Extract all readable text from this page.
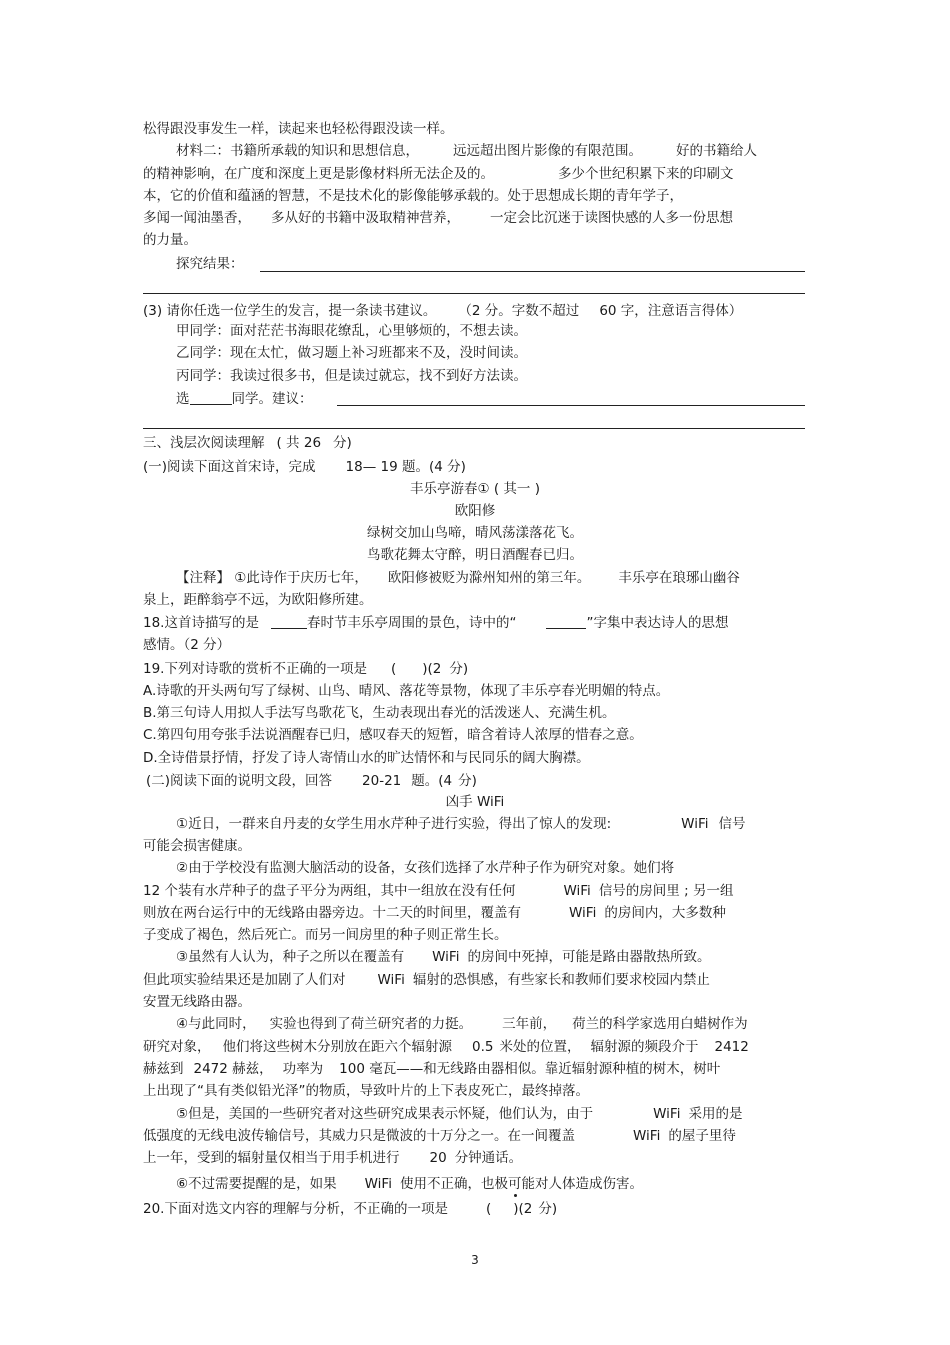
松得跟没事发生一样，读起来也轻松得跟没读一样。
材料二：书籍所承载的知识和思想信息，	远远超出图片影像的有限范围。	好的书籍给人
的精神影响，在广度和深度上更是影像材料所无法企及的。	多少个世纪积累下来的印刷文
本，它的价值和蕴涵的智慧，不是技术化的影像能够承载的。处于思想成长期的青年学子，
多闻一闻油墨香， 多从好的书籍中汲取精神营养， 一定会比沉迷于读图快感的人多一份思想
的力量。
探究结果：
(3) 请你任选一位学生的发言，提一条读书建议。 （2 分。字数不超过 60 字，注意语言得体）
甲同学：面对茫茫书海眼花缭乱，心里够烦的，不想去读。
乙同学：现在太忙，做习题上补习班都来不及，没时间读。
丙同学：我读过很多书，但是读过就忘，找不到好方法读。
选	同学。建议：
三、浅层次阅读理解 ( 共 26 分)
(一)阅读下面这首宋诗，完成 18— 19 题。(4 分)
丰乐亭游春① ( 其一 )
欧阳修
绿树交加山鸟啼，晴风荡漾落花飞。
鸟歌花舞太守醉，明日酒醒春已归。
【注释】 ①此诗作于庆历七年， 欧阳修被贬为滁州知州的第三年。 丰乐亭在琅琊山幽谷
泉上，距醉翁亭不远，为欧阳修所建。
18.这首诗描写的是	春时节丰乐亭周围的景色，诗中的“	”字集中表达诗人的思想
感情。（2 分）
19.下列对诗歌的赏析不正确的一项是 ( )(2 分)
A.诗歌的开头两句写了绿树、山鸟、晴风、落花等景物，体现了丰乐亭春光明媚的特点。
B.第三句诗人用拟人手法写鸟歌花飞，生动表现出春光的活泼迷人、充满生机。
C.第四句用夸张手法说酒醒春已归，感叹春天的短暂，暗含着诗人浓厚的惜春之意。
D.全诗借景抒情，抒发了诗人寄情山水的旷达情怀和与民同乐的阔大胸襟。
(二)阅读下面的说明文段，回答 20-21 题。(4 分)
凶手 WiFi
①近日，一群来自丹麦的女学生用水芹种子进行实验，得出了惊人的发现:	WiFi 信号
可能会损害健康。
②由于学校没有监测大脑活动的设备，女孩们选择了水芹种子作为研究对象。她们将
12 个装有水芹种子的盘子平分为两组，其中一组放在没有任何	WiFi 信号的房间里 ; 另一组
则放在两台运行中的无线路由器旁边。十二天的时间里，覆盖有	WiFi 的房间内，大多数种
子变成了褐色，然后死亡。而另一间房里的种子则正常生长。
③虽然有人认为，种子之所以在覆盖有 WiFi 的房间中死掉，可能是路由器散热所致。
但此项实验结果还是加剧了人们对 WiFi 辐射的恐惧感，有些家长和教师们要求校园内禁止
安置无线路由器。
④与此同时， 实验也得到了荷兰研究者的力挺。 三年前， 荷兰的科学家选用白蜡树作为
研究对象， 他们将这些树木分别放在距六个辐射源 0.5 米处的位置， 辐射源的频段介于 2412
赫兹到 2472 赫兹， 功率为 100 毫瓦——和无线路由器相似。靠近辐射源种植的树木，树叶
上出现了“具有类似铅光泽”的物质，导致叶片的上下表皮死亡，最终掉落。
⑤但是，美国的一些研究者对这些研究成果表示怀疑，他们认为，由于	WiFi 采用的是
低强度的无线电波传输信号，其威力只是微波的十万分之一。在一间覆盖	WiFi 的屋子里待
上一年，受到的辐射量仅相当于用手机进行 20 分钟通话。
⑥不过需要提醒的是，如果 WiFi 使用不正确，也极可能对人体造成伤害。
20.下面对选文内容的理解与分析，不正确的一项是	( )(2 分)
3
